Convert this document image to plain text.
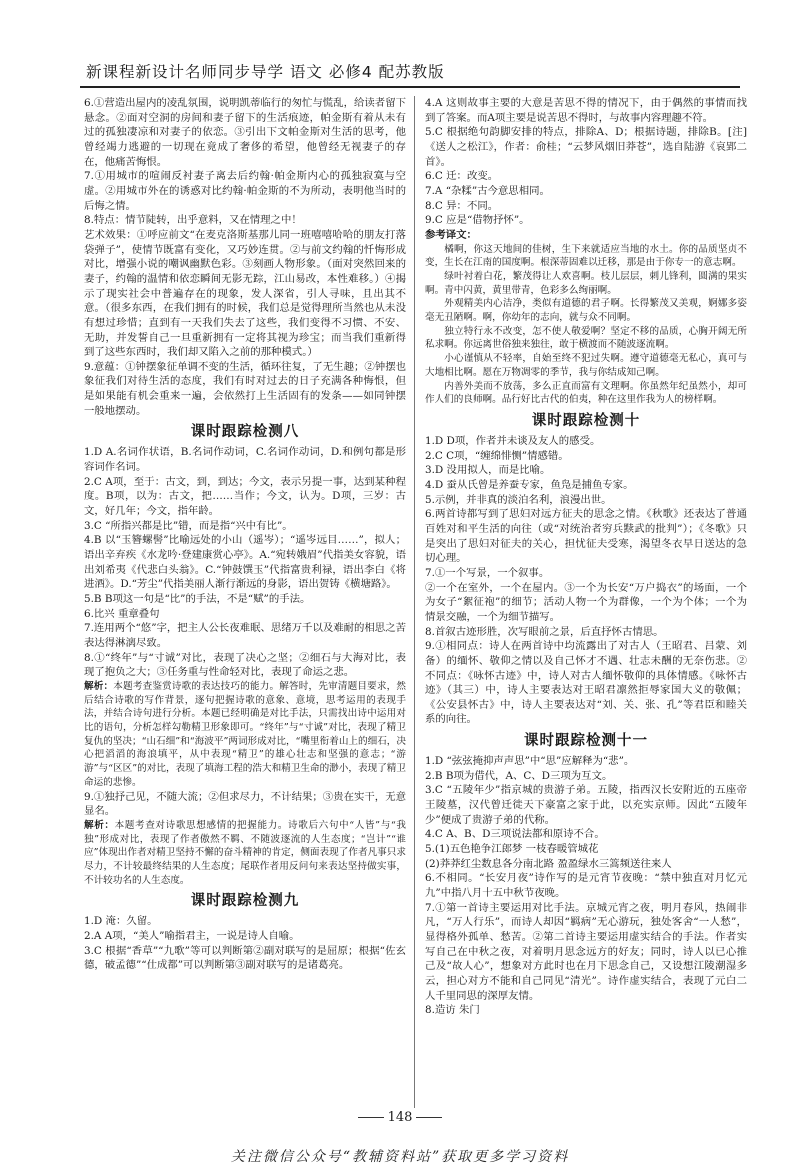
新课程新设计名师同步导学 语文 必修4 配苏教版

6.①营造出屋内的凌乱氛围，说明凯蒂临行的匆忙与慌乱，给读者留下悬念。②面对空洞的房间和妻子留下的生活痕迹，帕金斯有着从未有过的孤独凄凉和对妻子的依恋。③引出下文帕金斯对生活的思考，他曾经竭力逃避的一切现在竟成了奢侈的希望，他曾经无视妻子的存在，他痛苦悔恨。

7.①用城市的喧闹反衬妻子离去后约翰·帕金斯内心的孤独寂寞与空虚。②用城市外在的诱惑对比约翰·帕金斯的不为所动，表明他当时的后悔之情。

8.特点：情节陡转，出乎意料，又在情理之中！

艺术效果：①呼应前文“在麦克洛斯基那儿同一班嘻嘻哈哈的朋友打落袋弹子”，使情节既富有变化，又巧妙连贯。②与前文约翰的忏悔形成对比，增强小说的嘲讽幽默色彩。③刻画人物形象。（面对突然回来的妻子，约翰的温情和依恋瞬间无影无踪，江山易改，本性难移。）④揭示了现实社会中普遍存在的现象，发人深省，引人寻味，且出其不意。（很多东西，在我们拥有的时候，我们总是觉得理所当然也从未没有想过珍惜；直到有一天我们失去了这些，我们变得不习惯、不安、无助，并发誓自己一旦重新拥有一定将其视为珍宝；而当我们重新得到了这些东西时，我们却又陷入之前的那种模式。）

9.意蕴：①钟摆象征单调不变的生活，循环往复，了无生趣；②钟摆也象征我们对待生活的态度，我们有时对过去的日子充满各种悔恨，但是如果能有机会重来一遍，会依然打上生活固有的发条——如同钟摆一般地摆动。

课时跟踪检测八

1.D A.名词作状语，B.名词作动词，C.名词作动词，D.和例句都是形容词作名词。

2.C A项，至于：古文，到，到达；今文，表示另提一事，达到某种程度。B项，以为：古文，把……当作；今文，认为。D项，三岁：古文，好几年；今文，指年龄。

3.C “所指兴都是比”错，而是指“兴中有比”。

4.B 以“玉簪螺髻”比喻远处的小山（遥岑）；“遥岑远目……”，拟人；语出辛弃疾《水龙吟·登建康赏心亭》。A.“宛转娥眉”代指美女容貌，语出刘希夷《代悲白头翁》。C.“钟鼓馔玉”代指富贵利禄，语出李白《将进酒》。D.“芳尘”代指美丽人渐行渐远的身影，语出贺铸《横塘路》。

5.B B项这一句是“比”的手法，不是“赋”的手法。

6.比兴 重章叠句

7.连用两个“悠”字，把主人公长夜难眠、思绪万千以及难耐的相思之苦表达得淋漓尽致。

8.①“终年”与“寸诚”对比，表现了决心之坚；②细石与大海对比，表现了抱负之大；③任务重与性命轻对比，表现了命运之悲。

解析：本题考查鉴赏诗歌的表达技巧的能力。解答时，先审清题目要求，然后结合诗歌的写作背景，逐句把握诗歌的意象、意境，思考运用的表现手法，并结合诗句进行分析。本题已经明确是对比手法，只需找出诗中运用对比的语句，分析怎样勾勒精卫形象即可。“终年”与“寸诚”对比，表现了精卫复仇的坚决；“山石细”和“海波平”两词形成对比，“嘴里衔着山上的细石，决心把滔滔的海浪填平，从中表现“精卫”的雄心壮志和坚强的意志；“游游”与“区区”的对比，表现了填海工程的浩大和精卫生命的渺小，表现了精卫命运的悲惨。

9.①独抒己见，不随大流；②但求尽力，不计结果；③贵在实干，无意显名。

解析：本题考查对诗歌思想感情的把握能力。诗歌后六句中“人皆”与“我独”形成对比，表现了作者傲然不羁、不随波逐流的人生态度；“岂计”“谁应”体现出作者对精卫坚持不懈的奋斗精神的肯定，侧面表现了作者凡事只求尽力，不计较最终结果的人生态度；尾联作者用反问句来表达坚持做实事，不计较功名的人生态度。

课时跟踪检测九

1.D 淹：久留。

2.A A项，“美人”喻指君主，一说是诗人自喻。

3.C 根据“香草”“九歌”等可以判断第②副对联写的是屈原；根据“佐玄德，破孟德”“仕成都”可以判断第③副对联写的是诸葛亮。

4.A 这则故事主要的大意是苦思不得的情况下，由于偶然的事情而找到了答案。而A项主要是说苦思不得时，与故事内容理趣不符。

5.C 根据绝句韵脚安排的特点，排除A、D；根据诗题，排除B。[注]《送人之松江》，作者：俞桂；“云梦风烟旧莽苍”，选自陆游《哀郢二首》。

6.C 迁：改变。

7.A “杂糅”古今意思相同。

8.C 异：不同。

9.C 应是“借物抒怀”。

参考译文：

橘啊，你这天地间的佳树，生下来就适应当地的水土。你的品质坚贞不变，生长在江南的国度啊。根深蒂固难以迁移，那是由于你专一的意志啊。

绿叶衬着白花，繁茂得让人欢喜啊。枝儿层层，刺儿锋利，圆满的果实啊。青中闪黄，黄里带青，色彩多么绚丽啊。

外观精美内心洁净，类似有道德的君子啊。长得繁茂又美观，婀娜多姿毫无丑陋啊。啊，你幼年的志向，就与众不同啊。

独立特行永不改变，怎不使人敬爱啊？坚定不移的品质，心胸开阔无所私求啊。你远离世俗独来独往，敢于横渡而不随波逐流啊。

小心谨慎从不轻率，自始至终不犯过失啊。遵守道德毫无私心，真可与大地相比啊。愿在万物凋零的季节，我与你结成知己啊。

内善外美而不放荡，多么正直而富有文理啊。你虽然年纪虽然小，却可作人们的良师啊。品行好比古代的伯夷，种在这里作我为人的榜样啊。

课时跟踪检测十

1.D D项，作者并未谈及友人的感受。

2.C C项，“缠绵悱恻”情感错。

3.D 没用拟人，而是比喻。

4.D 蚕从氏曾是养蚕专家，鱼凫是捕鱼专家。

5.示例，并非真的淡泊名利，浪漫出世。

6.两首诗都写到了思妇对远方征夫的思念之情。《秋歌》还表达了普通百姓对和平生活的向往（或“对统治者穷兵黩武的批判”）；《冬歌》只是突出了思妇对征夫的关心，担忧征夫受寒，渴望冬衣早日送达的急切心理。

7.①一个写景，一个叙事。

②一个在室外，一个在屋内。③一个为长安“万户捣衣”的场面，一个为女子“絮征袍”的细节；活动人物一个为群像，一个为个体；一个为情景交融，一个为细节描写。

8.首叙古迹形胜，次写眼前之景，后直抒怀古情思。

9.①相同点：诗人在两首诗中均流露出了对古人（王昭君、吕蒙、刘备）的缅怀、敬仰之情以及自己怀才不遇、壮志未酬的无奈伤悲。②不同点：《咏怀古迹》中，诗人对古人缅怀敬仰的具体情感。《咏怀古迹》（其三）中，诗人主要表达对王昭君凛然拒辱家国大义的敬佩；《公安县怀古》中，诗人主要表达对“刘、关、张、孔”等君臣和睦关系的向往。

课时跟踪检测十一

1.D “弦弦掩抑声声思”中“思”应解释为“悲”。

2.B B项为借代，A、C、D三项为互文。

3.C “五陵年少”指京城的贵游子弟。五陵，指西汉长安附近的五座帝王陵墓，汉代曾迁徙天下豪富之家于此，以充实京师。因此“五陵年少”便成了贵游子弟的代称。

4.C A、B、D三项说法都和原诗不合。

5.(1)五色艳争江郎梦 一枝春暖管城花

(2)莽莽红尘数息各分南北路 盈盈绿水三篙频送往来人

6.不相同。“长安月夜”诗作写的是元宵节夜晚：“禁中独直对月忆元九”中指八月十五中秋节夜晚。

7.①第一首诗主要运用对比手法。京城元宵之夜，明月春风，热闹非凡，“万人行乐”，而诗人却因“羁病”无心游玩，独处客舍“一人愁”，显得格外孤单、愁苦。②第二首诗主要运用虚实结合的手法。作者实写自己在中秋之夜，对着明月思念远方的好友；同时，诗人以已心推己及“故人心”，想象对方此时也在月下思念自己，又设想江陵潮湿多云，担心对方不能和自己同见“清光”。诗作虚实结合，表现了元白二人千里同思的深厚友情。

8.造访 朱门

148
关注微信公众号“教辅资料站”获取更多学习资料
